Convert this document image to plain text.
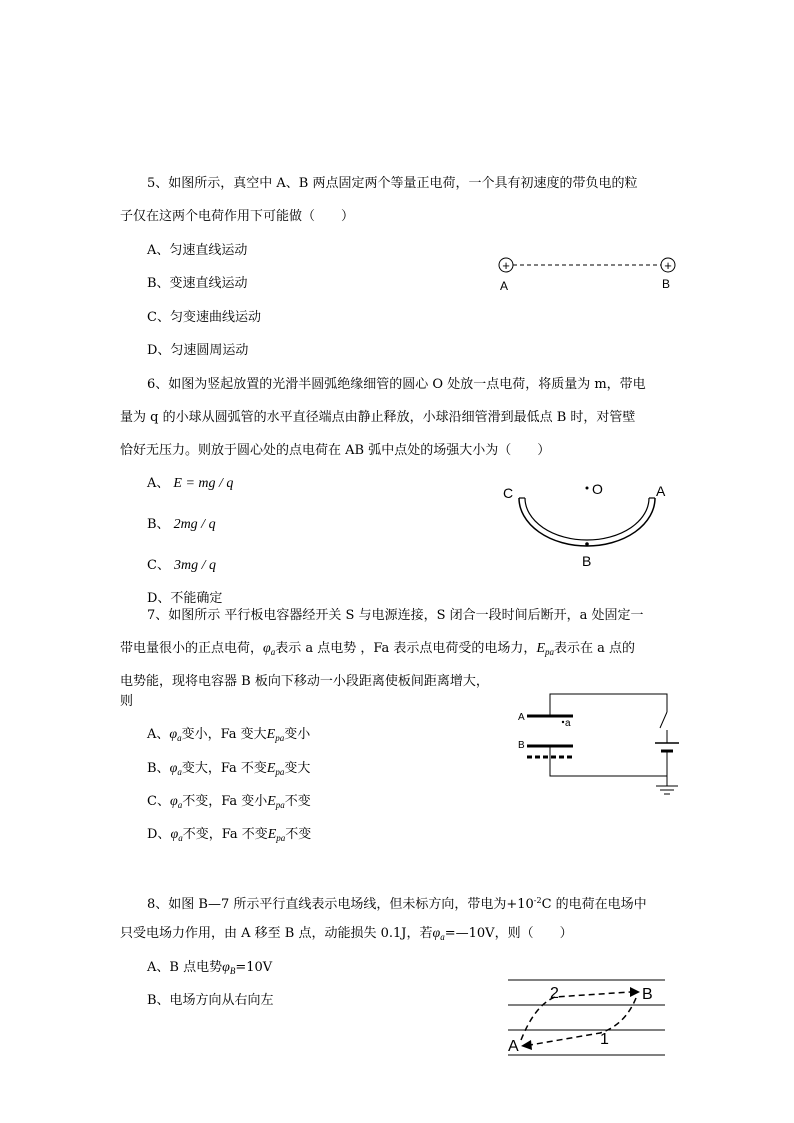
5、如图所示，真空中 A、B 两点固定两个等量正电荷，一个具有初速度的带负电的粒
子仅在这两个电荷作用下可能做（　　）
A、匀速直线运动
B、变速直线运动
C、匀变速曲线运动
D、匀速圆周运动
+	+
A	B
6、如图为竖起放置的光滑半圆弧绝缘细管的圆心 O 处放一点电荷，将质量为 m，带电
量为 q 的小球从圆弧管的水平直径端点由静止释放，小球沿细管滑到最低点 B 时，对管壁
恰好无压力。则放于圆心处的点电荷在 AB 弧中点处的场强大小为（　　）
A、 E = mg / q
B、 2mg / q
C、 3mg / q
D、不能确定
C	O	A
B
7、如图所示 平行板电容器经开关 S 与电源连接，S 闭合一段时间后断开，a 处固定一
带电量很小的正点电荷，$\varphi_a$表示 a 点电势 ，Fa 表示点电荷受的电场力，$E_{pa}$表示在 a 点的
电势能，现将电容器 B 板向下移动一小段距离使板间距离增大，
则
A、$\varphi_a$变小，Fa 变大$E_{pa}$变小
B、$\varphi_a$变大，Fa 不变$E_{pa}$变大
C、$\varphi_a$不变，Fa 变小$E_{pa}$不变
D、$\varphi_a$不变，Fa 不变$E_{pa}$不变
A
a
B
8、如图 B—7 所示平行直线表示电场线，但未标方向，带电为$+10^{-2}C$ 的电荷在电场中
只受电场力作用，由 A 移至 B 点，动能损失 0.1J，若$\varphi_a=—10V$，则（　　）
A、B 点电势$\varphi_B=10V$
B、电场方向从右向左	2	B
A	1
